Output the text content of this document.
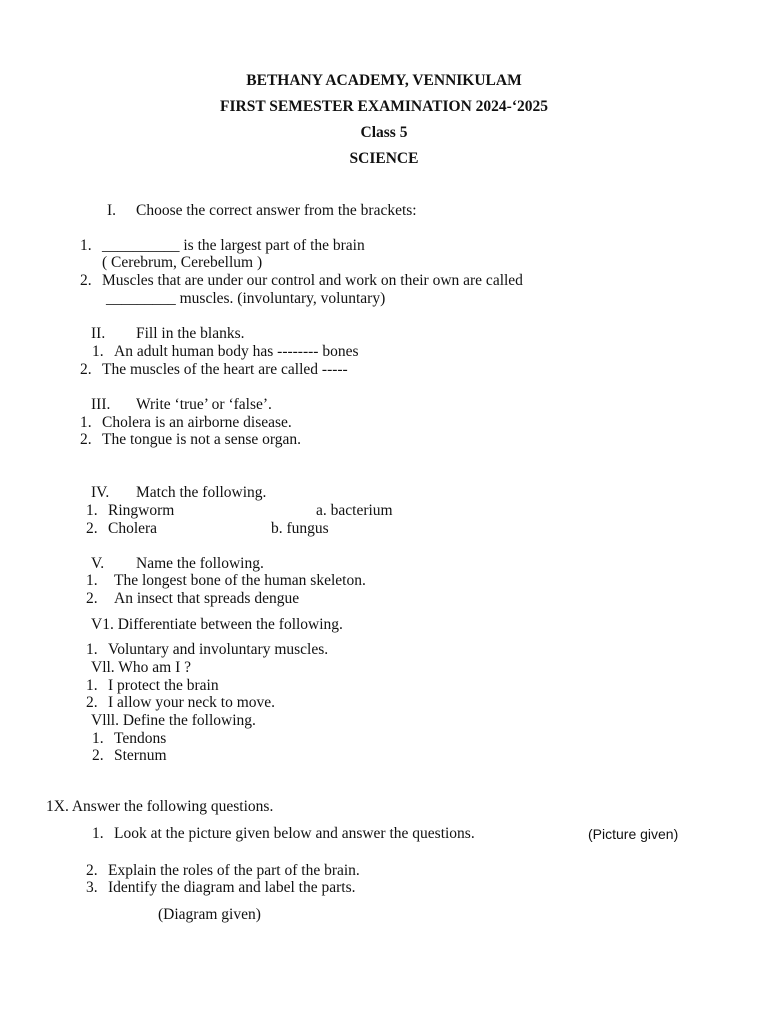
BETHANY ACADEMY, VENNIKULAM
FIRST SEMESTER EXAMINATION 2024-‘2025
Class 5
SCIENCE
I. Choose the correct answer from the brackets:
1. __________ is the largest part of the brain
( Cerebrum, Cerebellum )
2. Muscles that are under our control and work on their own are called
_________ muscles. (involuntary, voluntary)
II. Fill in the blanks.
1. An adult human body has -------- bones
2. The muscles of the heart are called -----
III. Write ‘true’ or ‘false’.
1. Cholera is an airborne disease.
2. The tongue is not a sense organ.
IV. Match the following.
1. Ringworm	a. bacterium
2. Cholera	b. fungus
V. Name the following.
1. The longest bone of the human skeleton.
2. An insect that spreads dengue
V1. Differentiate between the following.
1. Voluntary and involuntary muscles.
Vll. Who am I ?
1. I protect the brain
2. I allow your neck to move.
Vlll. Define the following.
1. Tendons
2. Sternum
1X. Answer the following questions.
1. Look at the picture given below and answer the questions.	(Picture given)
2. Explain the roles of the part of the brain.
3. Identify the diagram and label the parts.
(Diagram given)
